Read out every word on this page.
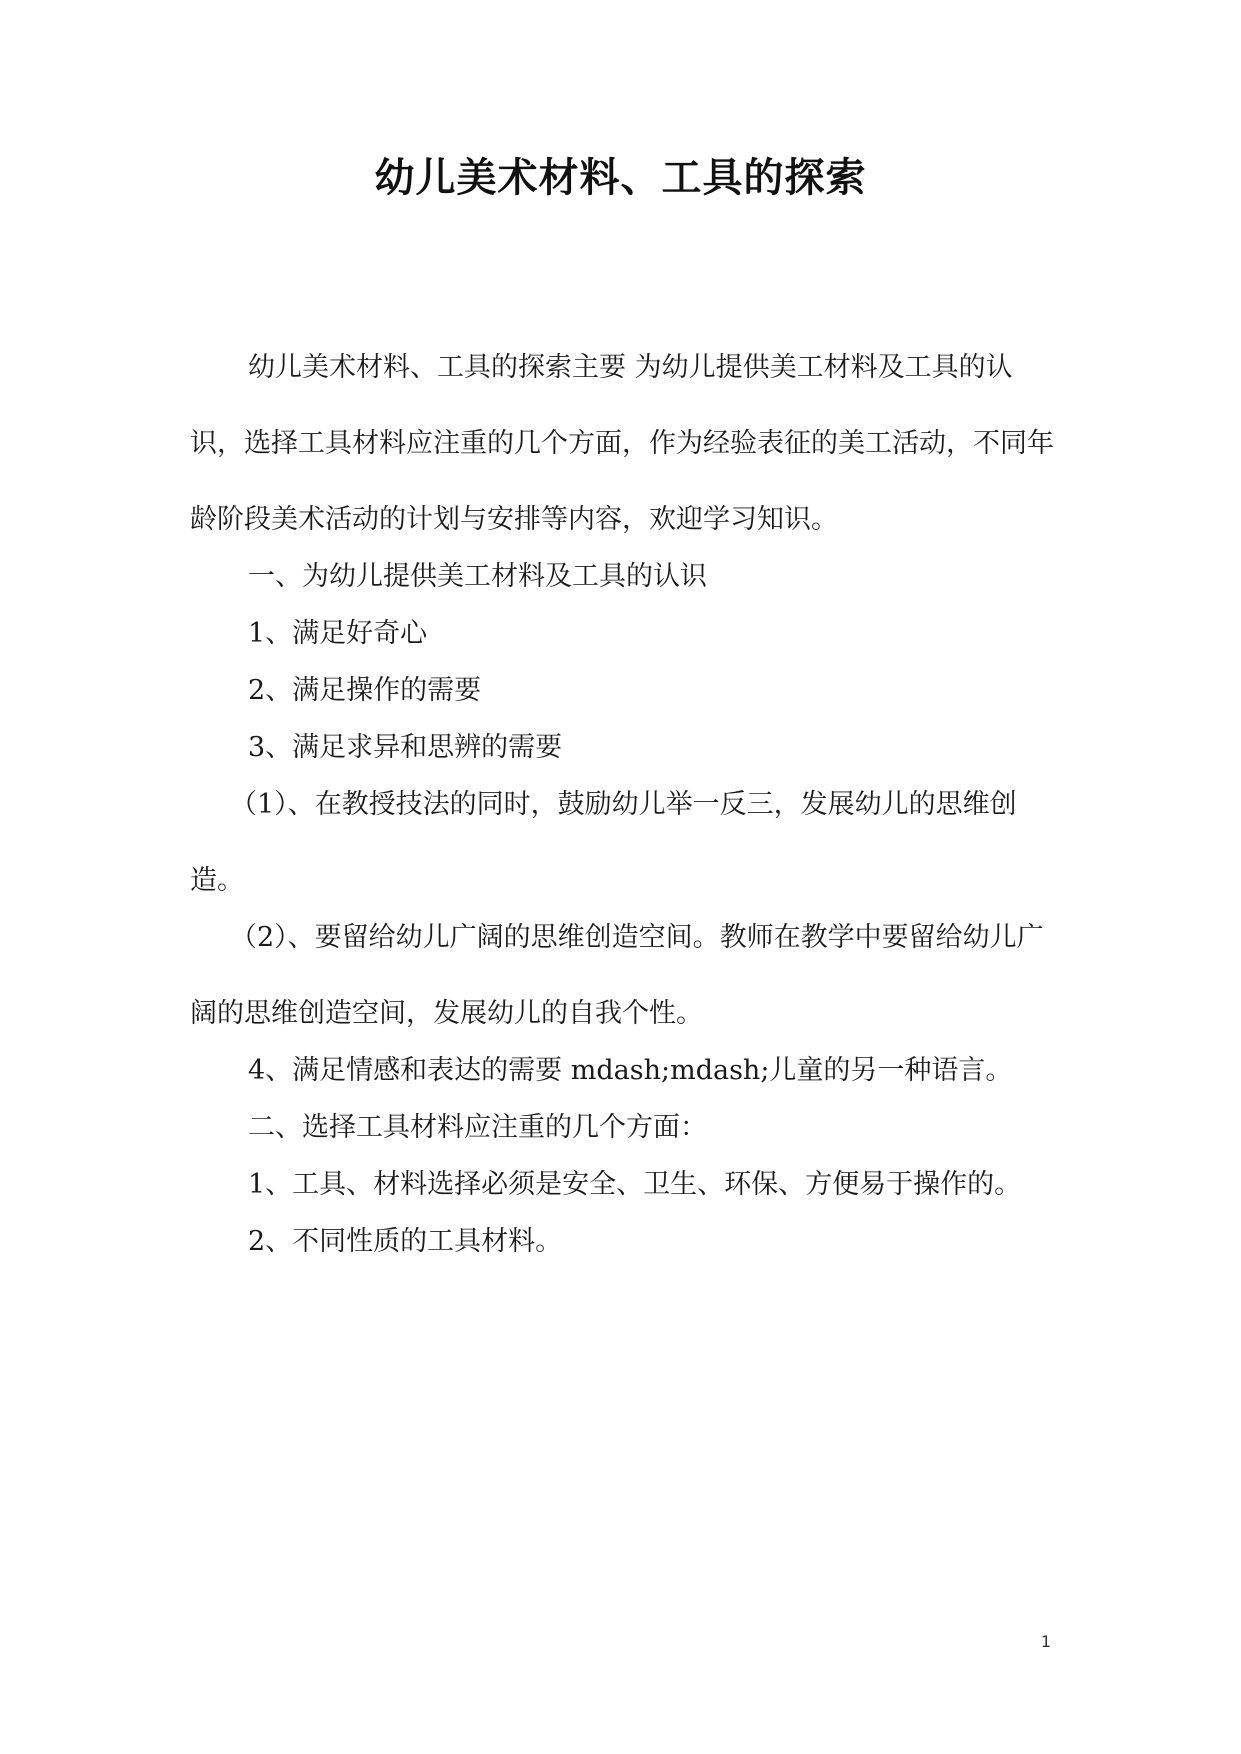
幼儿美术材料、工具的探索

幼儿美术材料、工具的探索主要 为幼儿提供美工材料及工具的认识，选择工具材料应注重的几个方面，作为经验表征的美工活动，不同年龄阶段美术活动的计划与安排等内容，欢迎学习知识。

一、为幼儿提供美工材料及工具的认识

1、满足好奇心

2、满足操作的需要

3、满足求异和思辨的需要

（1）、在教授技法的同时，鼓励幼儿举一反三，发展幼儿的思维创造。

（2）、要留给幼儿广阔的思维创造空间。教师在教学中要留给幼儿广阔的思维创造空间，发展幼儿的自我个性。

4、满足情感和表达的需要 mdash;mdash;儿童的另一种语言。

二、选择工具材料应注重的几个方面：

1、工具、材料选择必须是安全、卫生、环保、方便易于操作的。

2、不同性质的工具材料。

1
